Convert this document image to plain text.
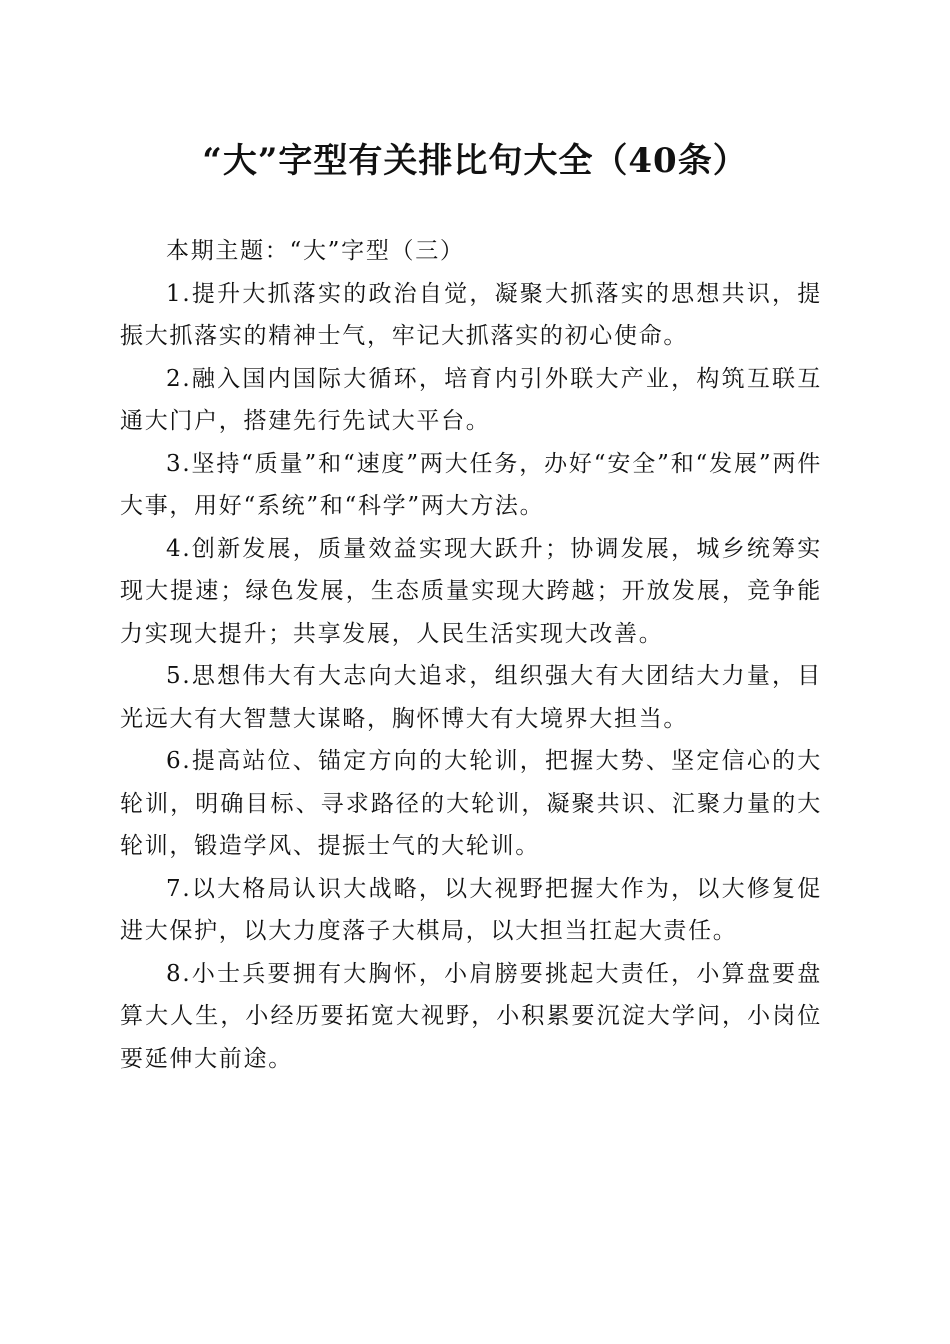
“大”字型有关排比句大全（40条）

本期主题：“大”字型（三）

1.提升大抓落实的政治自觉，凝聚大抓落实的思想共识，提振大抓落实的精神士气，牢记大抓落实的初心使命。

2.融入国内国际大循环，培育内引外联大产业，构筑互联互通大门户，搭建先行先试大平台。

3.坚持“质量”和“速度”两大任务，办好“安全”和“发展”两件大事，用好“系统”和“科学”两大方法。

4.创新发展，质量效益实现大跃升；协调发展，城乡统筹实现大提速；绿色发展，生态质量实现大跨越；开放发展，竞争能力实现大提升；共享发展，人民生活实现大改善。

5.思想伟大有大志向大追求，组织强大有大团结大力量，目光远大有大智慧大谋略，胸怀博大有大境界大担当。

6.提高站位、锚定方向的大轮训，把握大势、坚定信心的大轮训，明确目标、寻求路径的大轮训，凝聚共识、汇聚力量的大轮训，锻造学风、提振士气的大轮训。

7.以大格局认识大战略，以大视野把握大作为，以大修复促进大保护，以大力度落子大棋局，以大担当扛起大责任。

8.小士兵要拥有大胸怀，小肩膀要挑起大责任，小算盘要盘算大人生，小经历要拓宽大视野，小积累要沉淀大学问，小岗位要延伸大前途。
